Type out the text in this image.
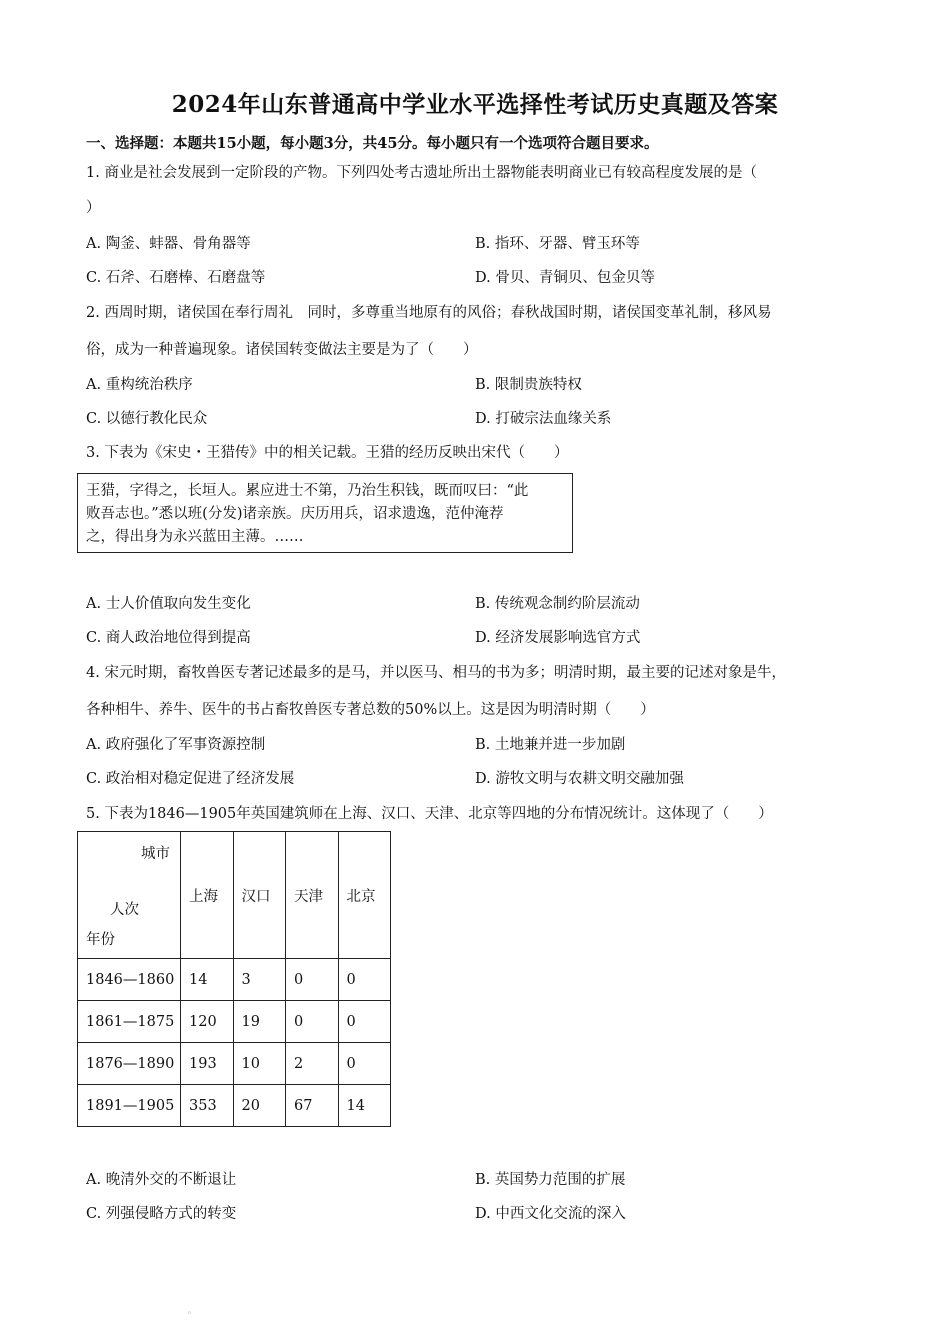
2024年山东普通高中学业水平选择性考试历史真题及答案
一、选择题：本题共15小题，每小题3分，共45分。每小题只有一个选项符合题目要求。
1. 商业是社会发展到一定阶段的产物。下列四处考古遗址所出土器物能表明商业已有较高程度发展的是（
）
A. 陶釜、蚌器、骨角器等	B. 指环、牙器、臂玉环等
C. 石斧、石磨棒、石磨盘等	D. 骨贝、青铜贝、包金贝等
2. 西周时期，诸侯国在奉行周礼　同时，多尊重当地原有的风俗；春秋战国时期，诸侯国变革礼制，移风易
俗，成为一种普遍现象。诸侯国转变做法主要是为了（　　）
A. 重构统治秩序	B. 限制贵族特权
C. 以德行教化民众	D. 打破宗法血缘关系
3. 下表为《宋史・王猎传》中的相关记载。王猎的经历反映出宋代（　　）
王猎，字得之，长垣人。累应进士不第，乃治生积钱，既而叹曰：“此
败吾志也。”悉以班(分发)诸亲族。庆历用兵，诏求遗逸，范仲淹荐
之，得出身为永兴蓝田主薄。……
A. 士人价值取向发生变化	B. 传统观念制约阶层流动
C. 商人政治地位得到提高	D. 经济发展影响选官方式
4. 宋元时期，畜牧兽医专著记述最多的是马，并以医马、相马的书为多；明清时期，最主要的记述对象是牛，
各种相牛、养牛、医牛的书占畜牧兽医专著总数的50%以上。这是因为明清时期（　　）
A. 政府强化了军事资源控制	B. 土地兼并进一步加剧
C. 政治相对稳定促进了经济发展	D. 游牧文明与农耕文明交融加强
5. 下表为1846—1905年英国建筑师在上海、汉口、天津、北京等四地的分布情况统计。这体现了（　　）
城市
人次
年份	上海	汉口	天津	北京
1846—1860	14	3	0	0
1861—1875	120	19	0	0
1876—1890	193	10	2	0
1891—1905	353	20	67	14
A. 晚清外交的不断退让	B. 英国势力范围的扩展
C. 列强侵略方式的转变	D. 中西文化交流的深入
。
